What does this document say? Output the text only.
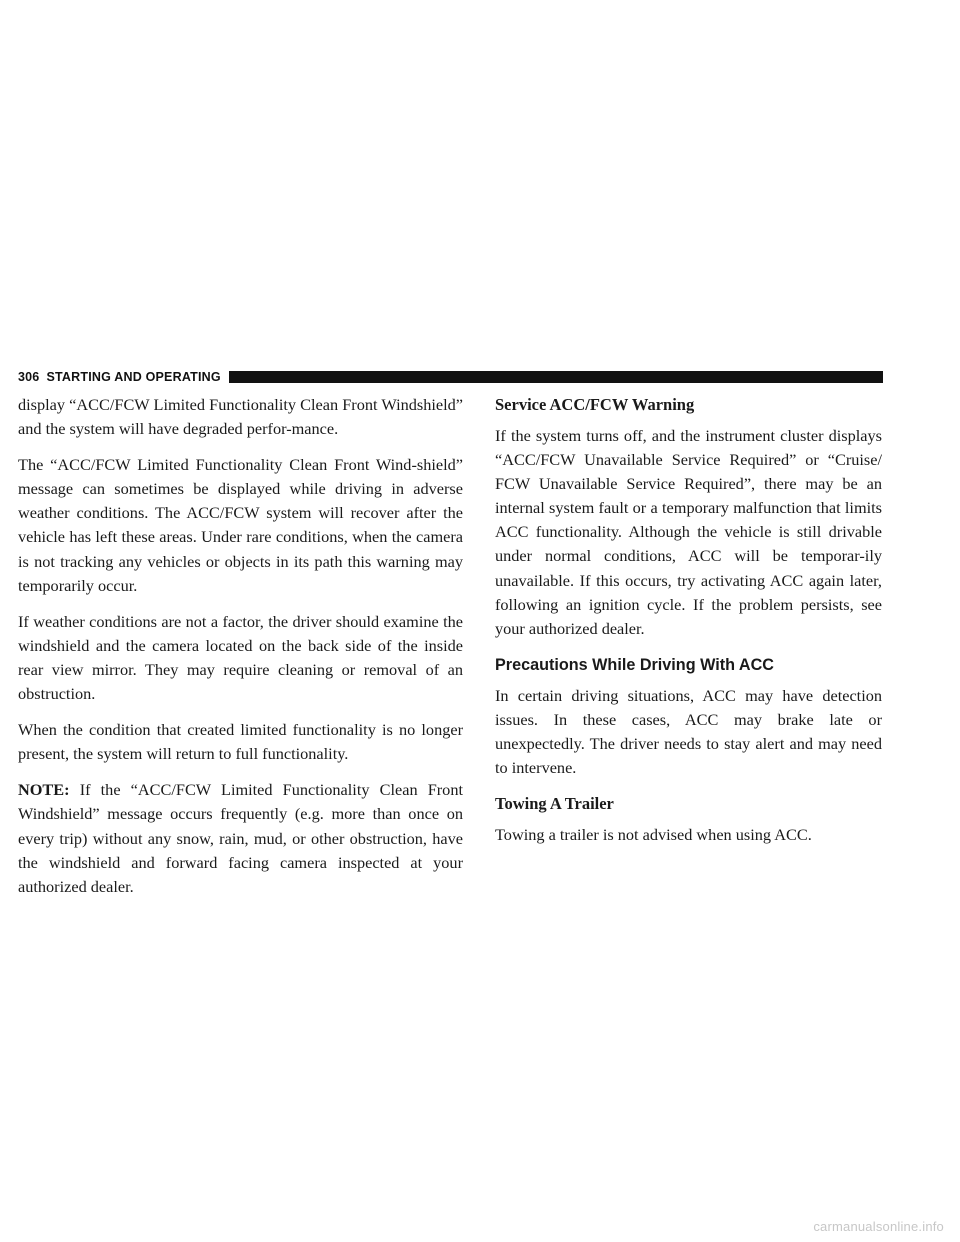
306 STARTING AND OPERATING

display “ACC/FCW Limited Functionality Clean Front Windshield” and the system will have degraded perfor-mance.

The “ACC/FCW Limited Functionality Clean Front Wind-shield” message can sometimes be displayed while driving in adverse weather conditions. The ACC/FCW system will recover after the vehicle has left these areas. Under rare conditions, when the camera is not tracking any vehicles or objects in its path this warning may temporarily occur.

If weather conditions are not a factor, the driver should examine the windshield and the camera located on the back side of the inside rear view mirror. They may require cleaning or removal of an obstruction.

When the condition that created limited functionality is no longer present, the system will return to full functionality.

NOTE: If the “ACC/FCW Limited Functionality Clean Front Windshield” message occurs frequently (e.g. more than once on every trip) without any snow, rain, mud, or other obstruction, have the windshield and forward facing camera inspected at your authorized dealer.

Service ACC/FCW Warning

If the system turns off, and the instrument cluster displays “ACC/FCW Unavailable Service Required” or “Cruise/ FCW Unavailable Service Required”, there may be an internal system fault or a temporary malfunction that limits ACC functionality. Although the vehicle is still drivable under normal conditions, ACC will be temporar-ily unavailable. If this occurs, try activating ACC again later, following an ignition cycle. If the problem persists, see your authorized dealer.

Precautions While Driving With ACC

In certain driving situations, ACC may have detection issues. In these cases, ACC may brake late or unexpectedly. The driver needs to stay alert and may need to intervene.

Towing A Trailer

Towing a trailer is not advised when using ACC.

carmanualsonline.info
